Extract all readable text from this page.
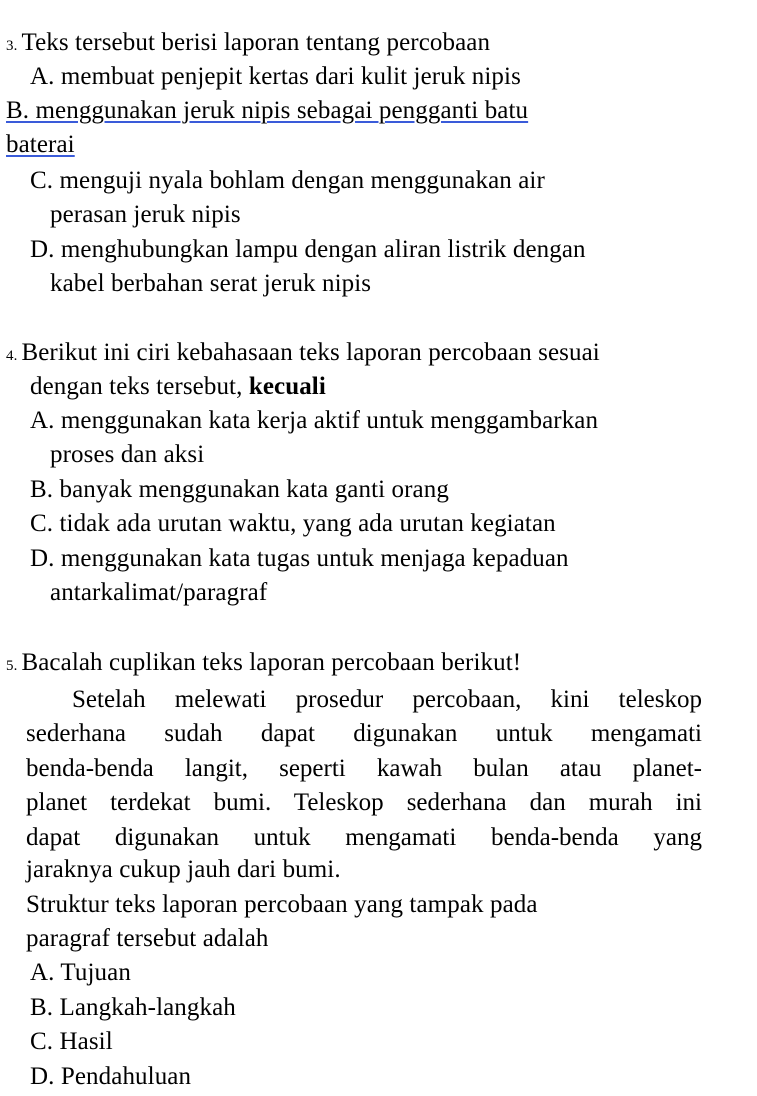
3. Teks tersebut berisi laporan tentang percobaan
A. membuat penjepit kertas dari kulit jeruk nipis
B. menggunakan jeruk nipis sebagai pengganti batu
baterai
C. menguji nyala bohlam dengan menggunakan air
perasan jeruk nipis
D. menghubungkan lampu dengan aliran listrik dengan
kabel berbahan serat jeruk nipis
4. Berikut ini ciri kebahasaan teks laporan percobaan sesuai
dengan teks tersebut, kecuali
A. menggunakan kata kerja aktif untuk menggambarkan
proses dan aksi
B. banyak menggunakan kata ganti orang
C. tidak ada urutan waktu, yang ada urutan kegiatan
D. menggunakan kata tugas untuk menjaga kepaduan
antarkalimat/paragraf
5. Bacalah cuplikan teks laporan percobaan berikut!
Setelah melewati prosedur percobaan, kini teleskop
sederhana sudah dapat digunakan untuk mengamati
benda-benda langit, seperti kawah bulan atau planet-
planet terdekat bumi. Teleskop sederhana dan murah ini
dapat digunakan untuk mengamati benda-benda yang
jaraknya cukup jauh dari bumi.
Struktur teks laporan percobaan yang tampak pada
paragraf tersebut adalah
A. Tujuan
B. Langkah-langkah
C. Hasil
D. Pendahuluan
